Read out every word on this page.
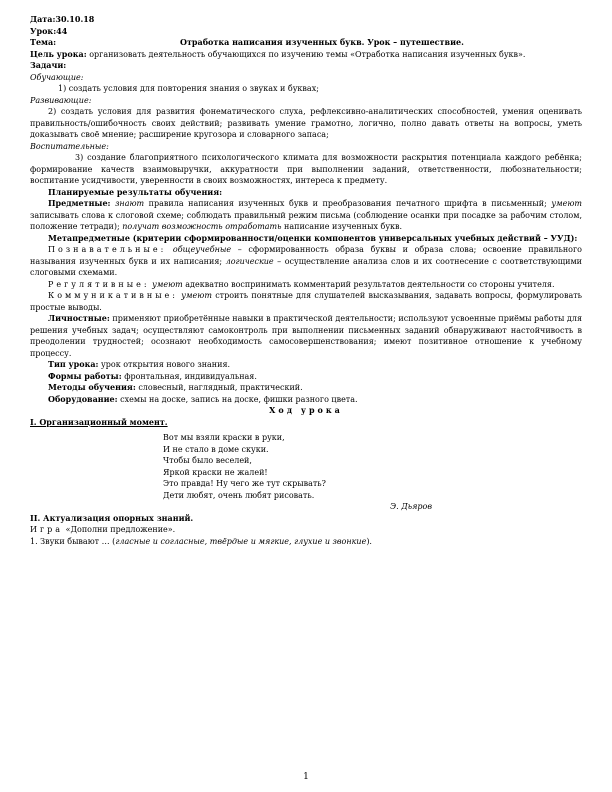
Дата:30.10.18
Урок:44
Тема:	Отработка написания изученных букв. Урок – путешествие.
Цель урока: организовать деятельность обучающихся по изучению темы «Отработка написания изученных букв».
Задачи:
Обучающие:
1) создать условия для повторения знания о звуках и буквах;
Развивающие:
2) создать условия для развития фонематического слуха, рефлексивно-аналитических способностей, умения оценивать правильность/ошибочность своих действий; развивать умение грамотно, логично, полно давать ответы на вопросы, уметь доказывать своё мнение; расширение кругозора и словарного запаса;
Воспитательные:
3) создание благоприятного психологического климата для возможности раскрытия потенциала каждого ребёнка; формирование качеств взаимовыручки, аккуратности при выполнении заданий, ответственности, любознательности; воспитание усидчивости, уверенности в своих возможностях, интереса к предмету.
Планируемые результаты обучения:
Предметные: знают правила написания изученных букв и преобразования печатного шрифта в письменный; умеют записывать слова к слоговой схеме; соблюдать правильный режим письма (соблюдение осанки при посадке за рабочим столом, положение тетради); получат возможность отработать написание изученных букв.
Метапредметные (критерии сформированности/оценки компонентов универсальных учебных действий – УУД):
Познавательные: общеучебные – сформированность образа буквы и образа слова; освоение правильного называния изученных букв и их написания; логические – осуществление анализа слов и их соотнесение с соответствующими слоговыми схемами.
Регулятивные: умеют адекватно воспринимать комментарий результатов деятельности со стороны учителя.
Коммуникативные: умеют строить понятные для слушателей высказывания, задавать вопросы, формулировать простые выводы.
Личностные: применяют приобретённые навыки в практической деятельности; используют усвоенные приёмы работы для решения учебных задач; осуществляют самоконтроль при выполнении письменных заданий обнаруживают настойчивость в преодолении трудностей; осознают необходимость самосовершенствования; имеют позитивное отношение к учебному процессу.
Тип урока: урок открытия нового знания.
Формы работы: фронтальная, индивидуальная.
Методы обучения: словесный, наглядный, практический.
Оборудование: схемы на доске, запись на доске, фишки разного цвета.
Ход урока
I. Организационный момент.
Вот мы взяли краски в руки,
И не стало в доме скуки.
Чтобы было веселей,
Яркой краски не жалей!
Это правда! Ну чего же тут скрывать?
Дети любят, очень любят рисовать.
Э. Дьяров
II. Актуализация опорных знаний.
Игра «Дополни предложение».
1. Звуки бывают … (гласные и согласные, твёрдые и мягкие, глухие и звонкие).
1
